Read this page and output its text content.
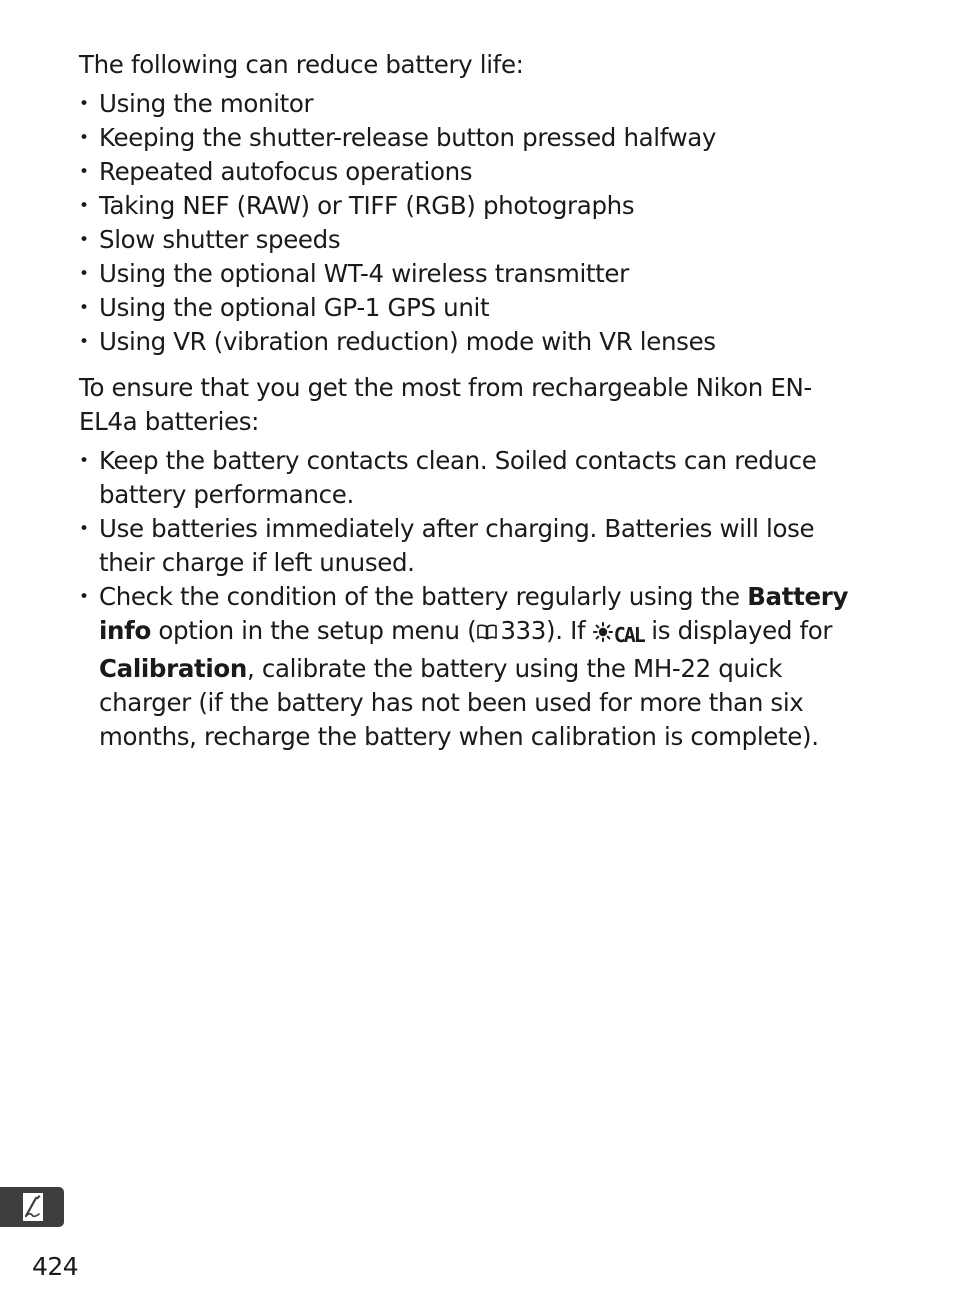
The following can reduce battery life:

• Using the monitor
• Keeping the shutter-release button pressed halfway
• Repeated autofocus operations
• Taking NEF (RAW) or TIFF (RGB) photographs
• Slow shutter speeds
• Using the optional WT-4 wireless transmitter
• Using the optional GP-1 GPS unit
• Using VR (vibration reduction) mode with VR lenses

To ensure that you get the most from rechargeable Nikon EN-EL4a batteries:

• Keep the battery contacts clean. Soiled contacts can reduce battery performance.
• Use batteries immediately after charging. Batteries will lose their charge if left unused.
• Check the condition of the battery regularly using the Battery info option in the setup menu ( 333). If CAL is displayed for Calibration, calibrate the battery using the MH-22 quick charger (if the battery has not been used for more than six months, recharge the battery when calibration is complete).
424
